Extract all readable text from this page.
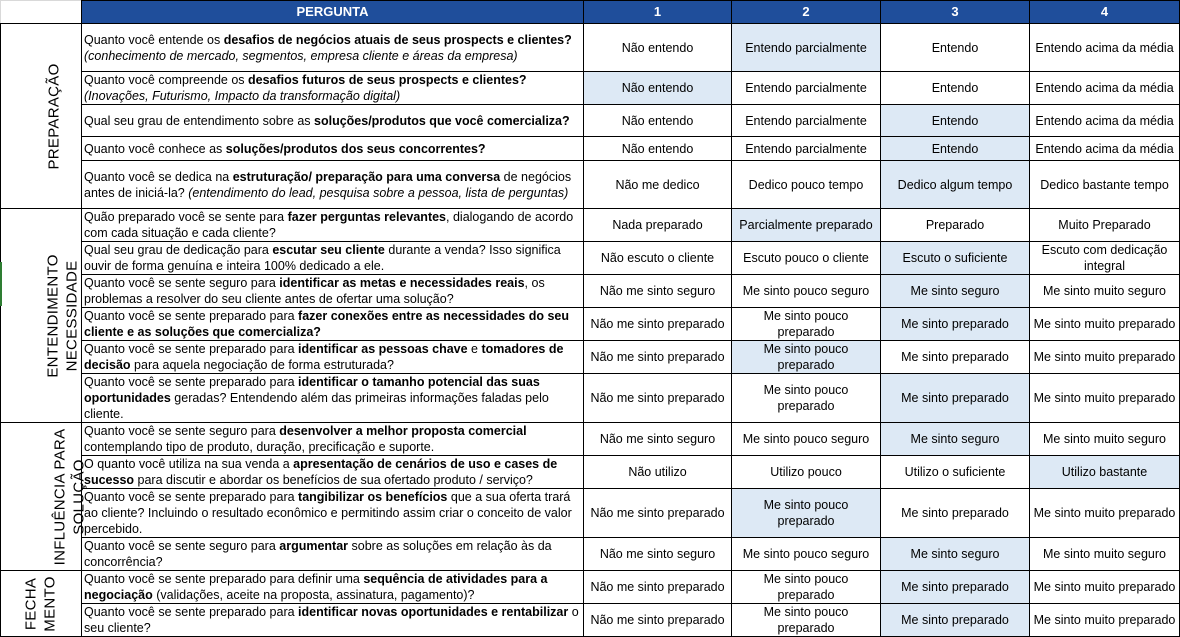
	PERGUNTA	1	2	3	4

PREPARAÇÃO	Quanto você entende os desafios de negócios atuais de seus prospects e clientes? (conhecimento de mercado, segmentos, empresa cliente e áreas da empresa)	Não entendo	Entendo parcialmente	Entendo	Entendo acima da média
	Quanto você compreende os desafios futuros de seus prospects e clientes? (Inovações, Futurismo, Impacto da transformação digital)	Não entendo	Entendo parcialmente	Entendo	Entendo acima da média
	Qual seu grau de entendimento sobre as soluções/produtos que você comercializa?	Não entendo	Entendo parcialmente	Entendo	Entendo acima da média
	Quanto você conhece as soluções/produtos dos seus concorrentes?	Não entendo	Entendo parcialmente	Entendo	Entendo acima da média
	Quanto você se dedica na estruturação/ preparação para uma conversa de negócios antes de iniciá-la? (entendimento do lead, pesquisa sobre a pessoa, lista de perguntas)	Não me dedico	Dedico pouco tempo	Dedico algum tempo	Dedico bastante tempo

ENTENDIMENTO NECESSIDADE	Quão preparado você se sente para fazer perguntas relevantes, dialogando de acordo com cada situação e cada cliente?	Nada preparado	Parcialmente preparado	Preparado	Muito Preparado
	Qual seu grau de dedicação para escutar seu cliente durante a venda? Isso significa ouvir de forma genuína e inteira 100% dedicado a ele.	Não escuto o cliente	Escuto pouco o cliente	Escuto o suficiente	Escuto com dedicação integral
	Quanto você se sente seguro para identificar as metas e necessidades reais, os problemas a resolver do seu cliente antes de ofertar uma solução?	Não me sinto seguro	Me sinto pouco seguro	Me sinto seguro	Me sinto muito seguro
	Quanto você se sente preparado para fazer conexões entre as necessidades do seu cliente e as soluções que comercializa?	Não me sinto preparado	Me sinto pouco preparado	Me sinto preparado	Me sinto muito preparado
	Quanto você se sente preparado para identificar as pessoas chave e tomadores de decisão para aquela negociação de forma estruturada?	Não me sinto preparado	Me sinto pouco preparado	Me sinto preparado	Me sinto muito preparado
	Quanto você se sente preparado para identificar o tamanho potencial das suas oportunidades geradas? Entendendo além das primeiras informações faladas pelo cliente.	Não me sinto preparado	Me sinto pouco preparado	Me sinto preparado	Me sinto muito preparado

INFLUÊNCIA PARA SOLUÇÃO	Quanto você se sente seguro para desenvolver a melhor proposta comercial contemplando tipo de produto, duração, precificação e suporte.	Não me sinto seguro	Me sinto pouco seguro	Me sinto seguro	Me sinto muito seguro
	O quanto você utiliza na sua venda a apresentação de cenários de uso e cases de sucesso para discutir e abordar os benefícios de sua ofertado produto / serviço?	Não utilizo	Utilizo pouco	Utilizo o suficiente	Utilizo bastante
	Quanto você se sente preparado para tangibilizar os benefícios que a sua oferta trará ao cliente? Incluindo o resultado econômico e permitindo assim criar o conceito de valor percebido.	Não me sinto preparado	Me sinto pouco preparado	Me sinto preparado	Me sinto muito preparado
	Quanto você se sente seguro para argumentar sobre as soluções em relação às da concorrência?	Não me sinto seguro	Me sinto pouco seguro	Me sinto seguro	Me sinto muito seguro

FECHA MENTO	Quanto você se sente preparado para definir uma sequência de atividades para a negociação (validações, aceite na proposta, assinatura, pagamento)?	Não me sinto preparado	Me sinto pouco preparado	Me sinto preparado	Me sinto muito preparado
	Quanto você se sente preparado para identificar novas oportunidades e rentabilizar o seu cliente?	Não me sinto preparado	Me sinto pouco preparado	Me sinto preparado	Me sinto muito preparado
